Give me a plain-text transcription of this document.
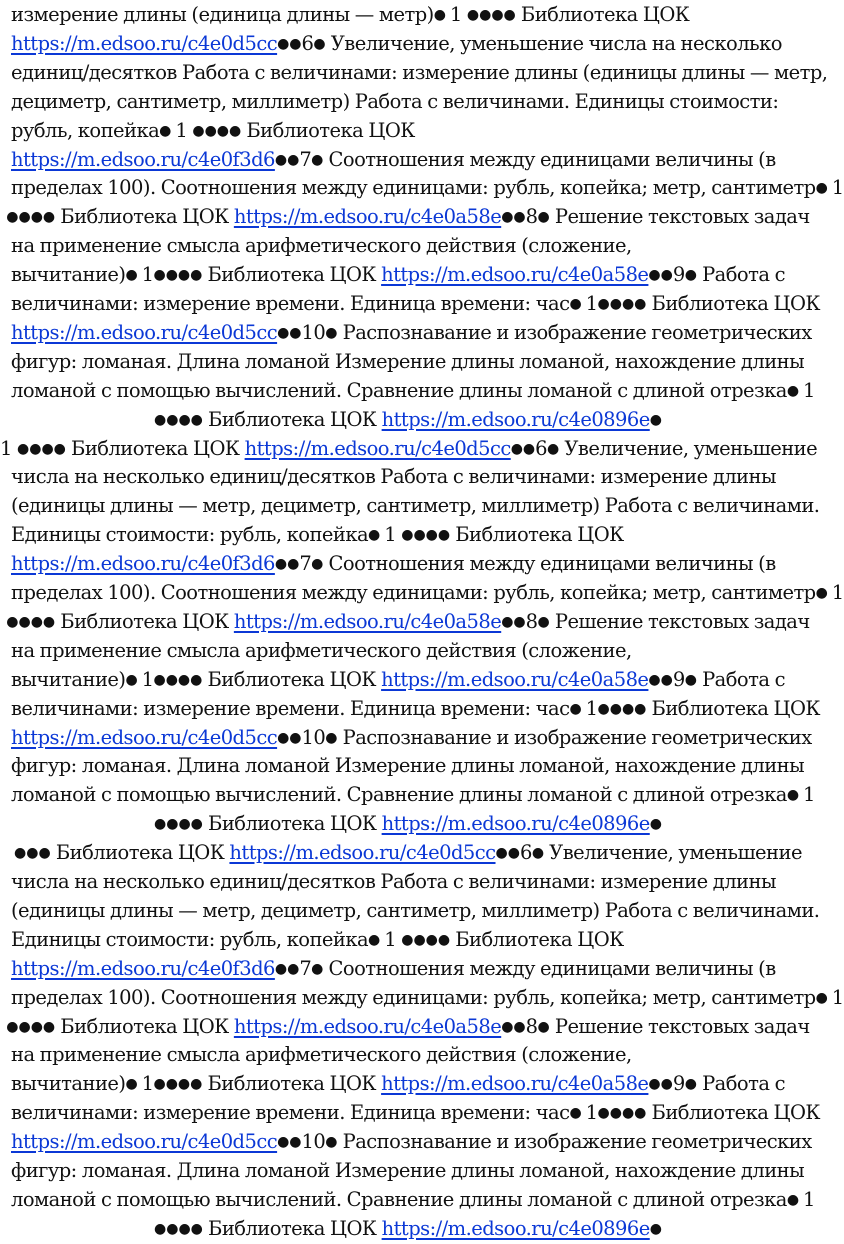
измерение длины (единица длины — метр)● 1 ●●●● Библиотека ЦОК
https://m.edsoo.ru/c4e0d5cc●●6● Увеличение, уменьшение числа на несколько
единиц/десятков Работа с величинами: измерение длины (единицы длины — метр,
дециметр, сантиметр, миллиметр) Работа с величинами. Единицы стоимости:
рубль, копейка● 1 ●●●● Библиотека ЦОК
https://m.edsoo.ru/c4e0f3d6●●7● Соотношения между единицами величины (в
пределах 100). Соотношения между единицами: рубль, копейка; метр, сантиметр● 1
●●●● Библиотека ЦОК https://m.edsoo.ru/c4e0a58e●●8● Решение текстовых задач
на применение смысла арифметического действия (сложение,
вычитание)● 1●●●● Библиотека ЦОК https://m.edsoo.ru/c4e0a58e●●9● Работа с
величинами: измерение времени. Единица времени: час● 1●●●● Библиотека ЦОК
https://m.edsoo.ru/c4e0d5cc●●10● Распознавание и изображение геометрических
фигур: ломаная. Длина ломаной Измерение длины ломаной, нахождение длины
ломаной с помощью вычислений. Сравнение длины ломаной с длиной отрезка● 1
●●●● Библиотека ЦОК https://m.edsoo.ru/c4e0896e●
1 ●●●● Библиотека ЦОК https://m.edsoo.ru/c4e0d5cc●●6● Увеличение, уменьшение
числа на несколько единиц/десятков Работа с величинами: измерение длины
(единицы длины — метр, дециметр, сантиметр, миллиметр) Работа с величинами.
Единицы стоимости: рубль, копейка● 1 ●●●● Библиотека ЦОК
https://m.edsoo.ru/c4e0f3d6●●7● Соотношения между единицами величины (в
пределах 100). Соотношения между единицами: рубль, копейка; метр, сантиметр● 1
●●●● Библиотека ЦОК https://m.edsoo.ru/c4e0a58e●●8● Решение текстовых задач
на применение смысла арифметического действия (сложение,
вычитание)● 1●●●● Библиотека ЦОК https://m.edsoo.ru/c4e0a58e●●9● Работа с
величинами: измерение времени. Единица времени: час● 1●●●● Библиотека ЦОК
https://m.edsoo.ru/c4e0d5cc●●10● Распознавание и изображение геометрических
фигур: ломаная. Длина ломаной Измерение длины ломаной, нахождение длины
ломаной с помощью вычислений. Сравнение длины ломаной с длиной отрезка● 1
●●●● Библиотека ЦОК https://m.edsoo.ru/c4e0896e●
●●● Библиотека ЦОК https://m.edsoo.ru/c4e0d5cc●●6● Увеличение, уменьшение
числа на несколько единиц/десятков Работа с величинами: измерение длины
(единицы длины — метр, дециметр, сантиметр, миллиметр) Работа с величинами.
Единицы стоимости: рубль, копейка● 1 ●●●● Библиотека ЦОК
https://m.edsoo.ru/c4e0f3d6●●7● Соотношения между единицами величины (в
пределах 100). Соотношения между единицами: рубль, копейка; метр, сантиметр● 1
●●●● Библиотека ЦОК https://m.edsoo.ru/c4e0a58e●●8● Решение текстовых задач
на применение смысла арифметического действия (сложение,
вычитание)● 1●●●● Библиотека ЦОК https://m.edsoo.ru/c4e0a58e●●9● Работа с
величинами: измерение времени. Единица времени: час● 1●●●● Библиотека ЦОК
https://m.edsoo.ru/c4e0d5cc●●10● Распознавание и изображение геометрических
фигур: ломаная. Длина ломаной Измерение длины ломаной, нахождение длины
ломаной с помощью вычислений. Сравнение длины ломаной с длиной отрезка● 1
●●●● Библиотека ЦОК https://m.edsoo.ru/c4e0896e●
